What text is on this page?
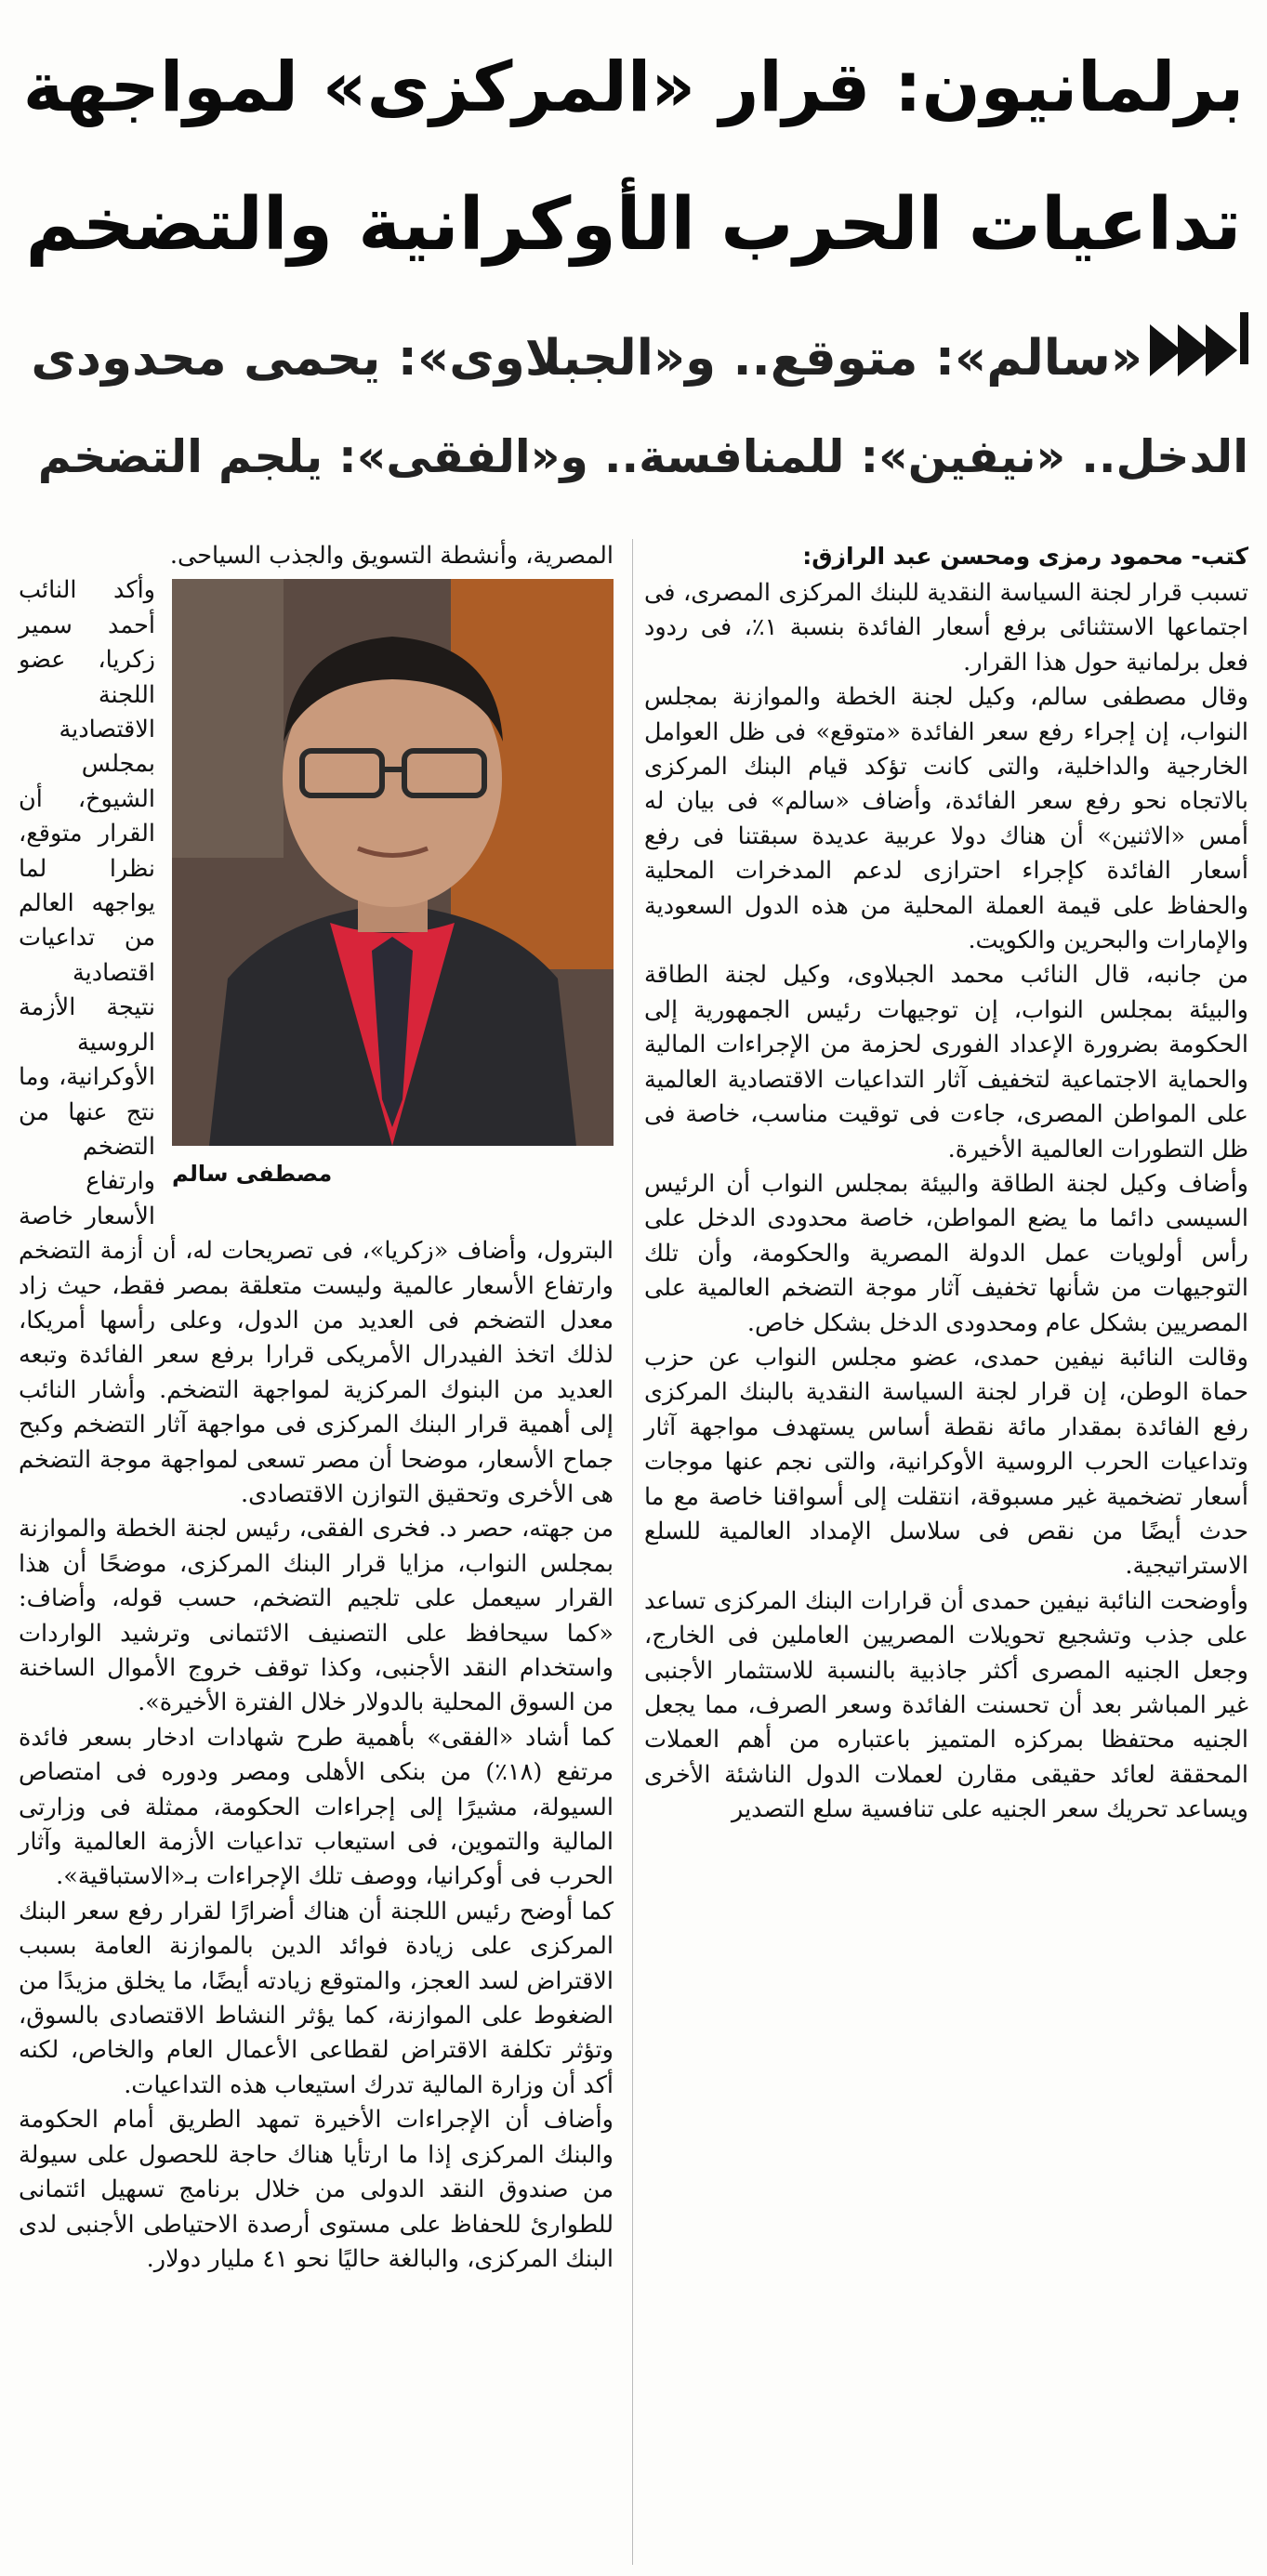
برلمانيون: قرار «المركزى» لمواجهة
تداعيات الحرب الأوكرانية والتضخم
«سالم»: متوقع.. و«الجبلاوى»: يحمى محدودى
الدخل.. «نيفين»: للمنافسة.. و«الفقى»: يلجم التضخم
كتب- محمود رمزى ومحسن عبد الرازق:

تسبب قرار لجنة السياسة النقدية للبنك المركزى المصرى، فى اجتماعها الاستثنائى برفع أسعار الفائدة بنسبة ١٪، فى ردود فعل برلمانية حول هذا القرار.

وقال مصطفى سالم، وكيل لجنة الخطة والموازنة بمجلس النواب، إن إجراء رفع سعر الفائدة «متوقع» فى ظل العوامل الخارجية والداخلية، والتى كانت تؤكد قيام البنك المركزى بالاتجاه نحو رفع سعر الفائدة، وأضاف «سالم» فى بيان له أمس «الاثنين» أن هناك دولا عربية عديدة سبقتنا فى رفع أسعار الفائدة كإجراء احترازى لدعم المدخرات المحلية والحفاظ على قيمة العملة المحلية من هذه الدول السعودية والإمارات والبحرين والكويت.

من جانبه، قال النائب محمد الجبلاوى، وكيل لجنة الطاقة والبيئة بمجلس النواب، إن توجيهات رئيس الجمهورية إلى الحكومة بضرورة الإعداد الفورى لحزمة من الإجراءات المالية والحماية الاجتماعية لتخفيف آثار التداعيات الاقتصادية العالمية على المواطن المصرى، جاءت فى توقيت مناسب، خاصة فى ظل التطورات العالمية الأخيرة.

وأضاف وكيل لجنة الطاقة والبيئة بمجلس النواب أن الرئيس السيسى دائما ما يضع المواطن، خاصة محدودى الدخل على رأس أولويات عمل الدولة المصرية والحكومة، وأن تلك التوجيهات من شأنها تخفيف آثار موجة التضخم العالمية على المصريين بشكل عام ومحدودى الدخل بشكل خاص.

وقالت النائبة نيفين حمدى، عضو مجلس النواب عن حزب حماة الوطن، إن قرار لجنة السياسة النقدية بالبنك المركزى رفع الفائدة بمقدار مائة نقطة أساس يستهدف مواجهة آثار وتداعيات الحرب الروسية الأوكرانية، والتى نجم عنها موجات أسعار تضخمية غير مسبوقة، انتقلت إلى أسواقنا خاصة مع ما حدث أيضًا من نقص فى سلاسل الإمداد العالمية للسلع الاستراتيجية.

وأوضحت النائبة نيفين حمدى أن قرارات البنك المركزى تساعد على جذب وتشجيع تحويلات المصريين العاملين فى الخارج، وجعل الجنيه المصرى أكثر جاذبية بالنسبة للاستثمار الأجنبى غير المباشر بعد أن تحسنت الفائدة وسعر الصرف، مما يجعل الجنيه محتفظا بمركزه المتميز باعتباره من أهم العملات المحققة لعائد حقيقى مقارن لعملات الدول الناشئة الأخرى ويساعد تحريك سعر الجنيه على تنافسية سلع التصدير

المصرية، وأنشطة التسويق والجذب السياحى.

مصطفى سالم

وأكد النائب أحمد سمير زكريا، عضو اللجنة الاقتصادية بمجلس الشيوخ، أن القرار متوقع، نظرا لما يواجهه العالم من تداعيات اقتصادية نتيجة الأزمة الروسية الأوكرانية، وما نتج عنها من التضخم وارتفاع الأسعار خاصة البترول، وأضاف «زكريا»، فى تصريحات له، أن أزمة التضخم وارتفاع الأسعار عالمية وليست متعلقة بمصر فقط، حيث زاد معدل التضخم فى العديد من الدول، وعلى رأسها أمريكا، لذلك اتخذ الفيدرال الأمريكى قرارا برفع سعر الفائدة وتبعه العديد من البنوك المركزية لمواجهة التضخم. وأشار النائب إلى أهمية قرار البنك المركزى فى مواجهة آثار التضخم وكبح جماح الأسعار، موضحا أن مصر تسعى لمواجهة موجة التضخم هى الأخرى وتحقيق التوازن الاقتصادى.

من جهته، حصر د. فخرى الفقى، رئيس لجنة الخطة والموازنة بمجلس النواب، مزايا قرار البنك المركزى، موضحًا أن هذا القرار سيعمل على تلجيم التضخم، حسب قوله، وأضاف: «كما سيحافظ على التصنيف الائتمانى وترشيد الواردات واستخدام النقد الأجنبى، وكذا توقف خروج الأموال الساخنة من السوق المحلية بالدولار خلال الفترة الأخيرة».

كما أشاد «الفقى» بأهمية طرح شهادات ادخار بسعر فائدة مرتفع (١٨٪) من بنكى الأهلى ومصر ودوره فى امتصاص السيولة، مشيرًا إلى إجراءات الحكومة، ممثلة فى وزارتى المالية والتموين، فى استيعاب تداعيات الأزمة العالمية وآثار الحرب فى أوكرانيا، ووصف تلك الإجراءات بـ«الاستباقية».

كما أوضح رئيس اللجنة أن هناك أضرارًا لقرار رفع سعر البنك المركزى على زيادة فوائد الدين بالموازنة العامة بسبب الاقتراض لسد العجز، والمتوقع زيادته أيضًا، ما يخلق مزيدًا من الضغوط على الموازنة، كما يؤثر النشاط الاقتصادى بالسوق، وتؤثر تكلفة الاقتراض لقطاعى الأعمال العام والخاص، لكنه أكد أن وزارة المالية تدرك استيعاب هذه التداعيات.

وأضاف أن الإجراءات الأخيرة تمهد الطريق أمام الحكومة والبنك المركزى إذا ما ارتأيا هناك حاجة للحصول على سيولة من صندوق النقد الدولى من خلال برنامج تسهيل ائتمانى للطوارئ للحفاظ على مستوى أرصدة الاحتياطى الأجنبى لدى البنك المركزى، والبالغة حاليًا نحو ٤١ مليار دولار.
